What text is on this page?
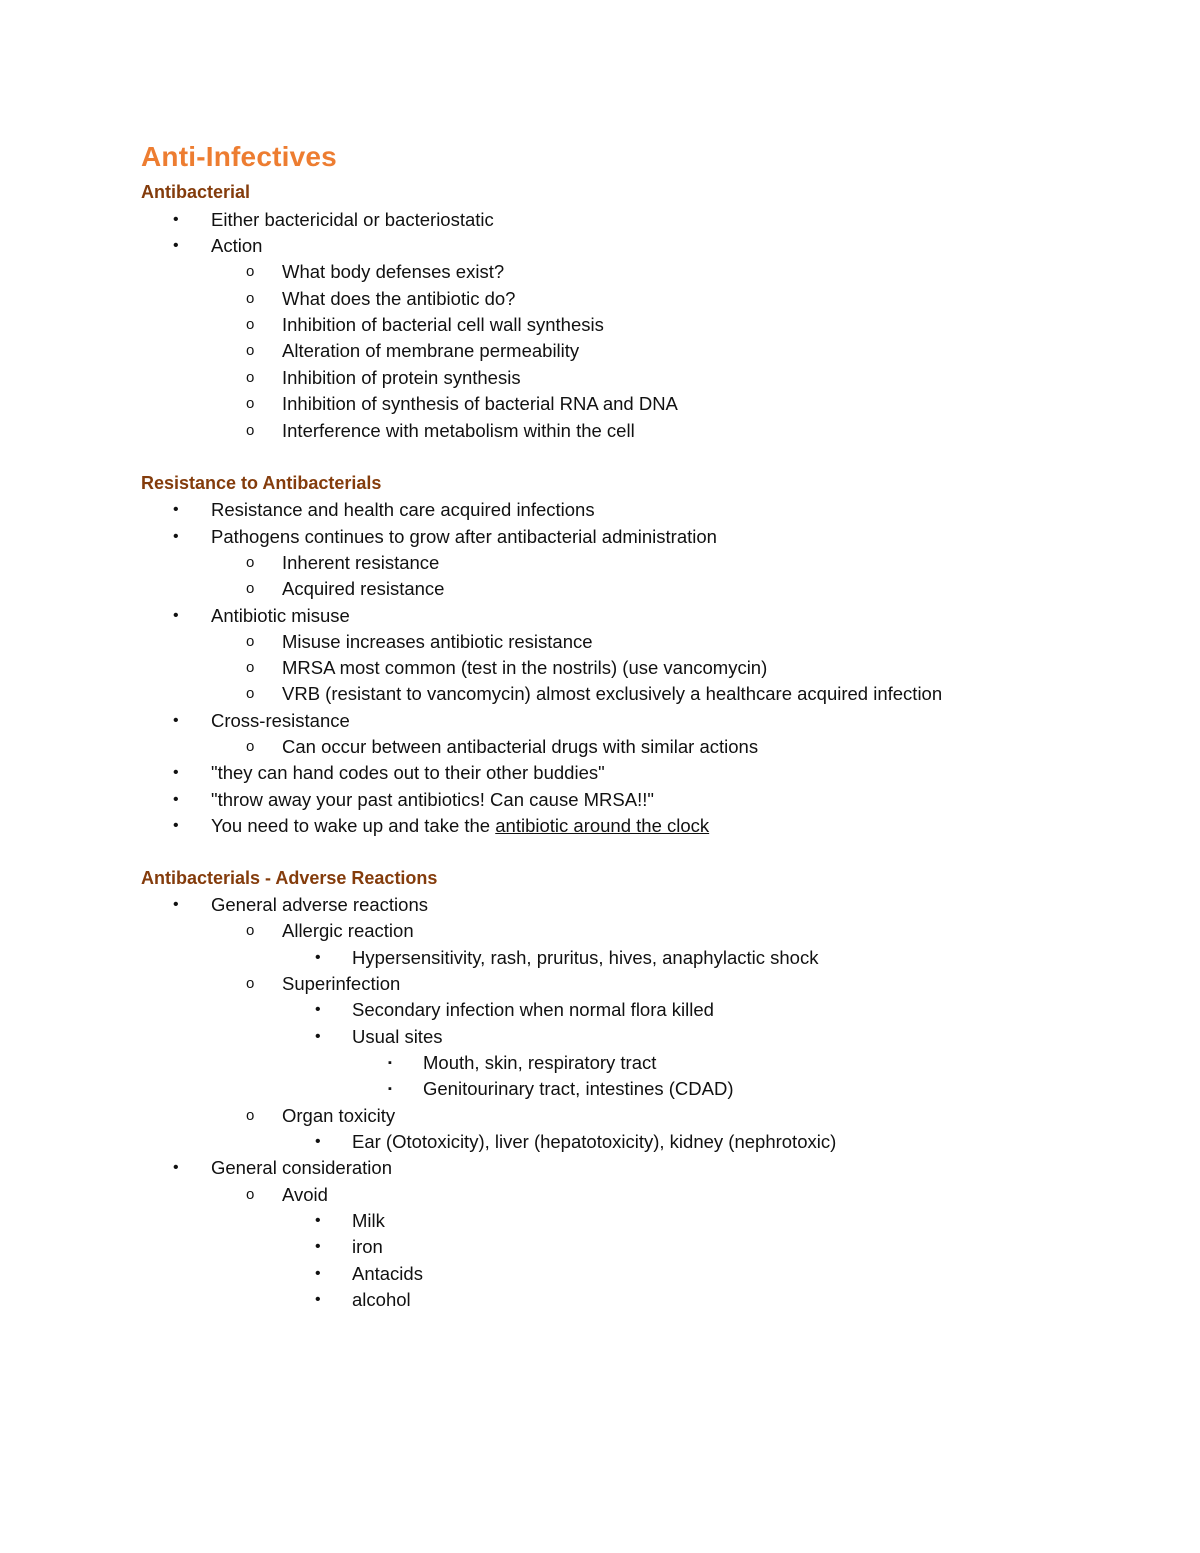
Anti-Infectives
Antibacterial
• Either bactericidal or bacteriostatic
• Action
o What body defenses exist?
o What does the antibiotic do?
o Inhibition of bacterial cell wall synthesis
o Alteration of membrane permeability
o Inhibition of protein synthesis
o Inhibition of synthesis of bacterial RNA and DNA
o Interference with metabolism within the cell
Resistance to Antibacterials
• Resistance and health care acquired infections
• Pathogens continues to grow after antibacterial administration
o Inherent resistance
o Acquired resistance
• Antibiotic misuse
o Misuse increases antibiotic resistance
o MRSA most common (test in the nostrils) (use vancomycin)
o VRB (resistant to vancomycin) almost exclusively a healthcare acquired infection
• Cross-resistance
o Can occur between antibacterial drugs with similar actions
• "they can hand codes out to their other buddies"
• "throw away your past antibiotics! Can cause MRSA!!"
• You need to wake up and take the antibiotic around the clock
Antibacterials - Adverse Reactions
• General adverse reactions
o Allergic reaction
• Hypersensitivity, rash, pruritus, hives, anaphylactic shock
o Superinfection
• Secondary infection when normal flora killed
• Usual sites
▪ Mouth, skin, respiratory tract
▪ Genitourinary tract, intestines (CDAD)
o Organ toxicity
• Ear (Ototoxicity), liver (hepatotoxicity), kidney (nephrotoxic)
• General consideration
o Avoid
• Milk
• iron
• Antacids
• alcohol
